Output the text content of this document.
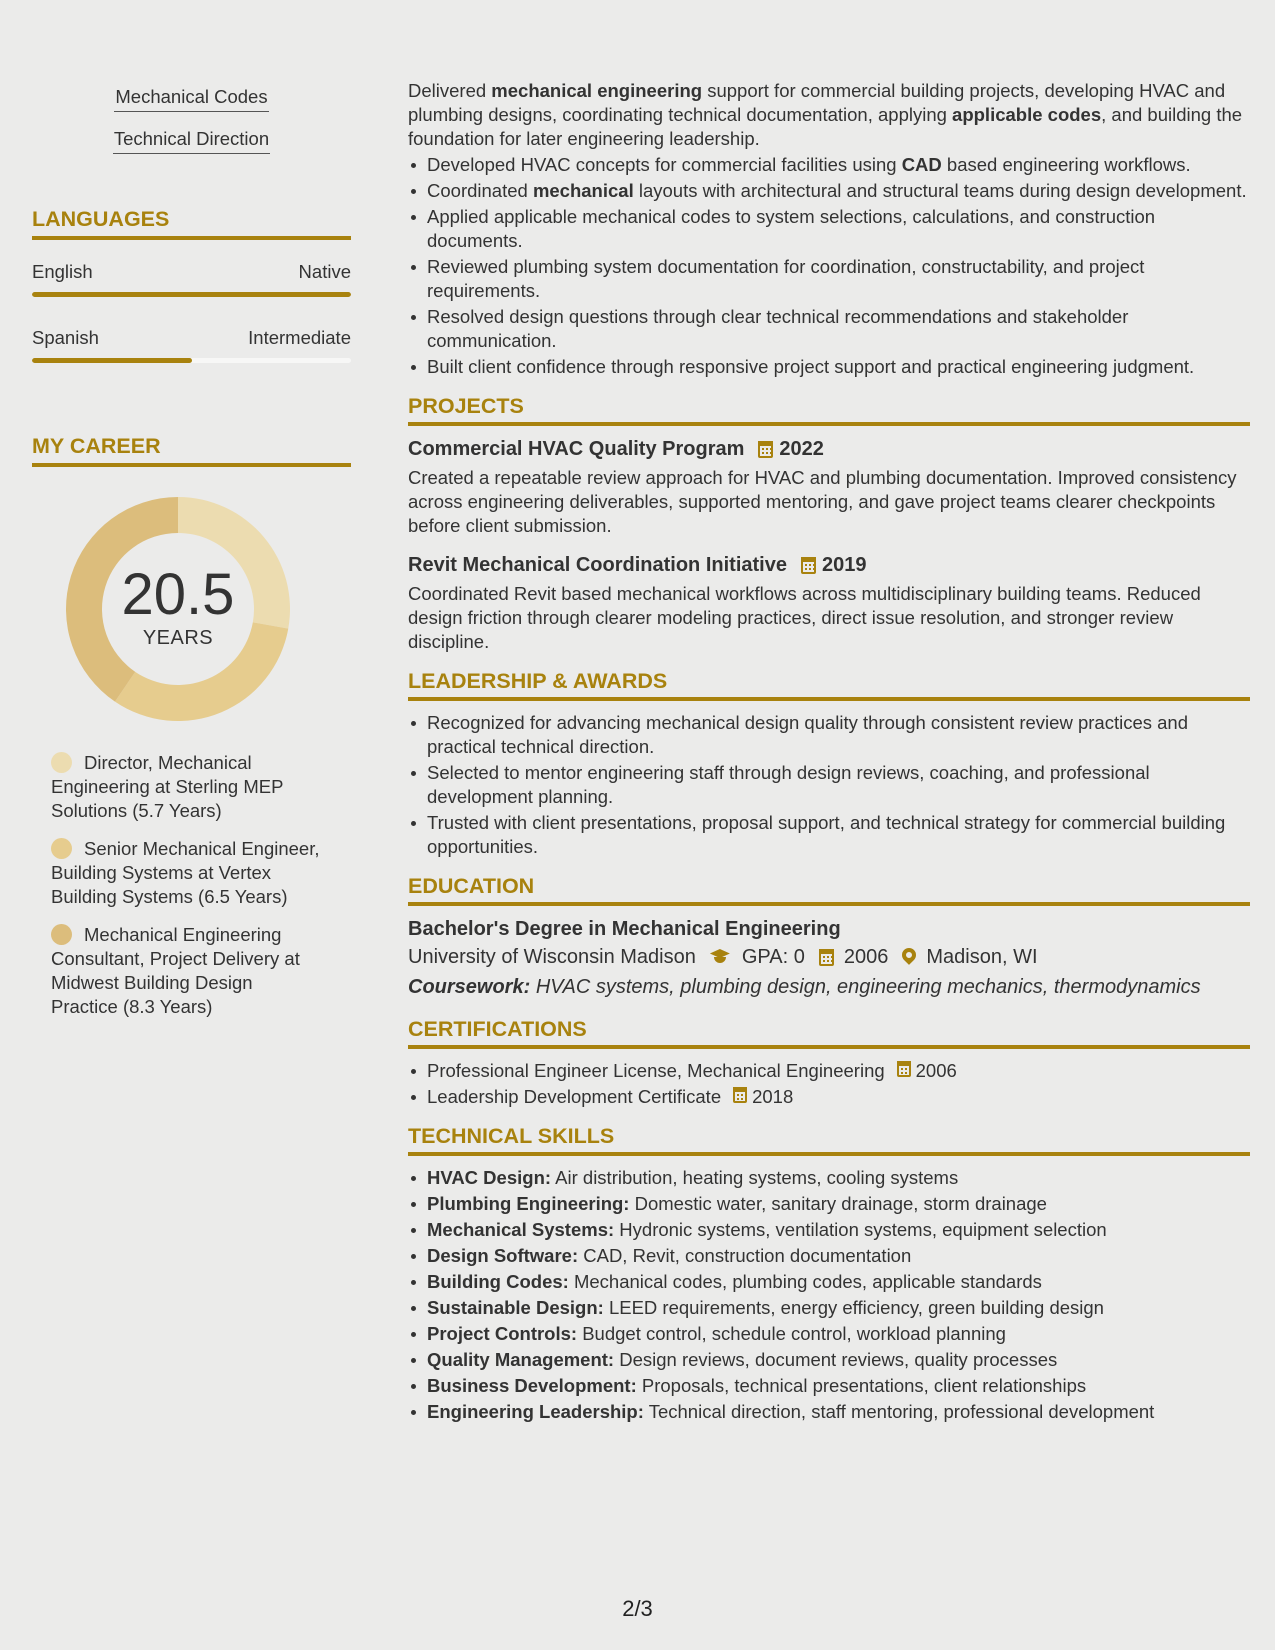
Mechanical Codes
Technical Direction
LANGUAGES
English	Native
Spanish	Intermediate
MY CAREER
20.5
YEARS
Director, Mechanical Engineering at Sterling MEP Solutions (5.7 Years)
Senior Mechanical Engineer, Building Systems at Vertex Building Systems (6.5 Years)
Mechanical Engineering Consultant, Project Delivery at Midwest Building Design Practice (8.3 Years)

Delivered mechanical engineering support for commercial building projects, developing HVAC and plumbing designs, coordinating technical documentation, applying applicable codes, and building the foundation for later engineering leadership.

Developed HVAC concepts for commercial facilities using CAD based engineering workflows.
Coordinated mechanical layouts with architectural and structural teams during design development.
Applied applicable mechanical codes to system selections, calculations, and construction documents.
Reviewed plumbing system documentation for coordination, constructability, and project requirements.
Resolved design questions through clear technical recommendations and stakeholder communication.
Built client confidence through responsive project support and practical engineering judgment.
PROJECTS
Commercial HVAC Quality Program 2022

Created a repeatable review approach for HVAC and plumbing documentation. Improved consistency across engineering deliverables, supported mentoring, and gave project teams clearer checkpoints before client submission.

Revit Mechanical Coordination Initiative 2019

Coordinated Revit based mechanical workflows across multidisciplinary building teams. Reduced design friction through clearer modeling practices, direct issue resolution, and stronger review discipline.

LEADERSHIP & AWARDS
Recognized for advancing mechanical design quality through consistent review practices and practical technical direction.
Selected to mentor engineering staff through design reviews, coaching, and professional development planning.
Trusted with client presentations, proposal support, and technical strategy for commercial building opportunities.
EDUCATION
Bachelor's Degree in Mechanical Engineering
University of Wisconsin Madison GPA: 0 2006 Madison, WI
Coursework: HVAC systems, plumbing design, engineering mechanics, thermodynamics
CERTIFICATIONS
Professional Engineer License, Mechanical Engineering 2006
Leadership Development Certificate 2018
TECHNICAL SKILLS
HVAC Design: Air distribution, heating systems, cooling systems
Plumbing Engineering: Domestic water, sanitary drainage, storm drainage
Mechanical Systems: Hydronic systems, ventilation systems, equipment selection
Design Software: CAD, Revit, construction documentation
Building Codes: Mechanical codes, plumbing codes, applicable standards
Sustainable Design: LEED requirements, energy efficiency, green building design
Project Controls: Budget control, schedule control, workload planning
Quality Management: Design reviews, document reviews, quality processes
Business Development: Proposals, technical presentations, client relationships
Engineering Leadership: Technical direction, staff mentoring, professional development
2/3
